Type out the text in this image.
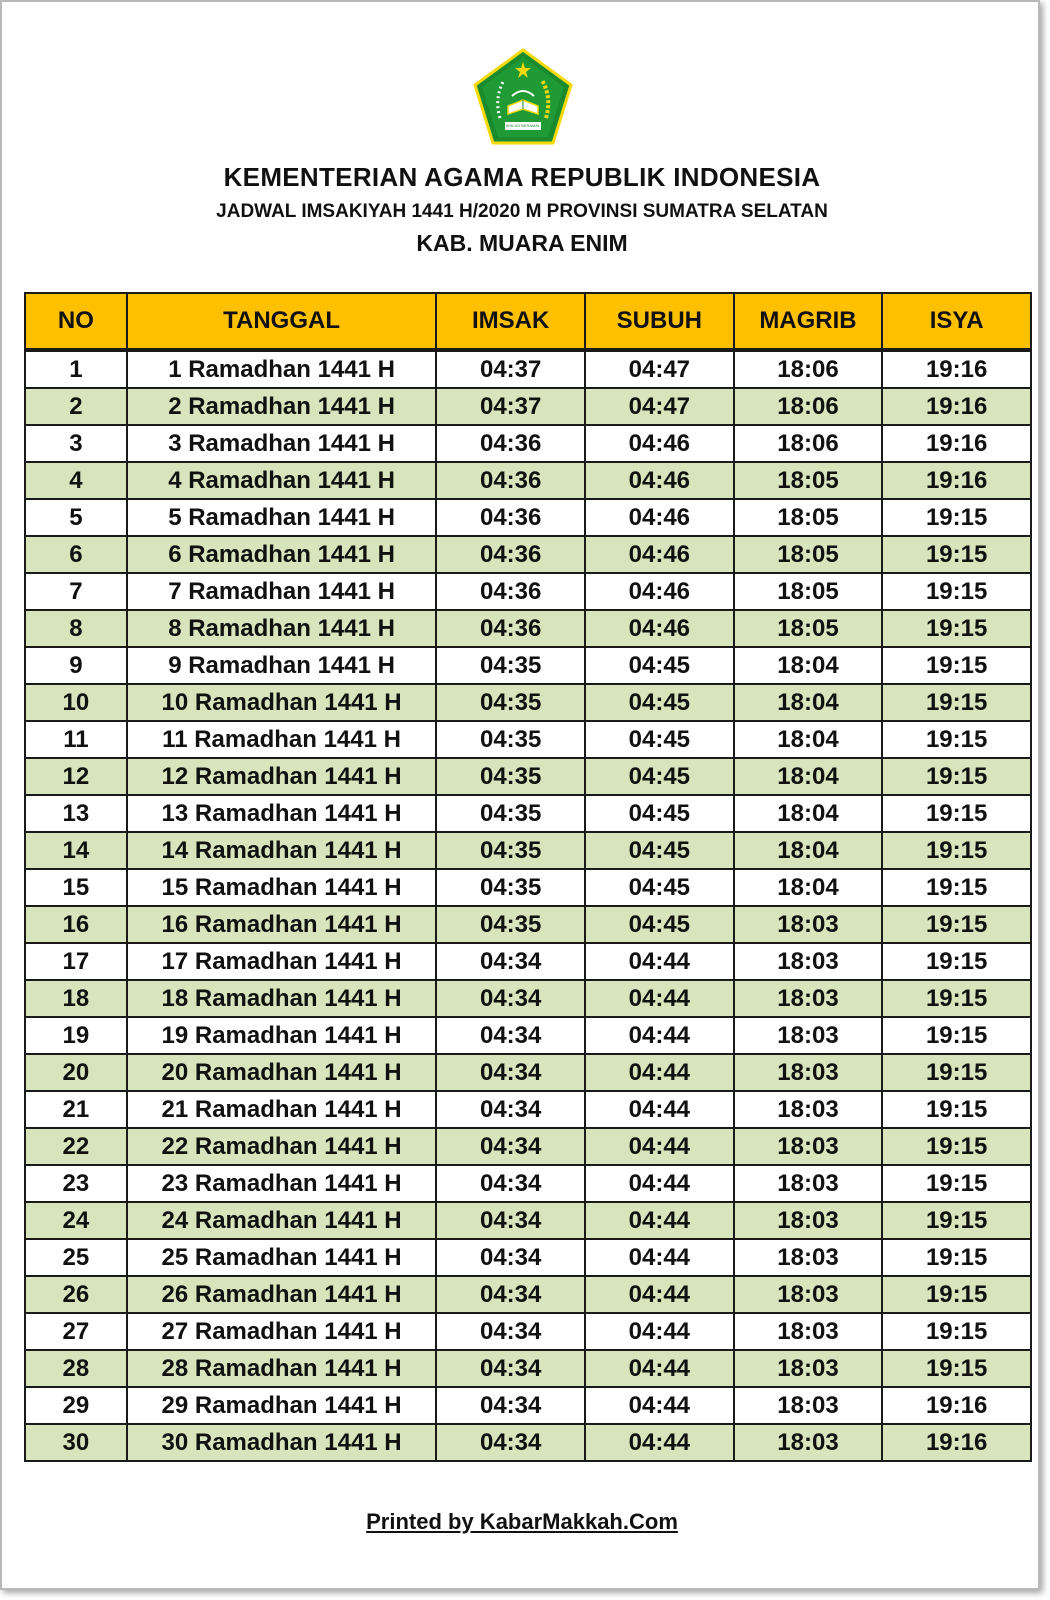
IKHLAS BERAMAL
KEMENTERIAN AGAMA REPUBLIK INDONESIA
JADWAL IMSAKIYAH 1441 H/2020 M PROVINSI SUMATRA SELATAN
KAB. MUARA ENIM
NO	TANGGAL	IMSAK	SUBUH	MAGRIB	ISYA
1	1 Ramadhan 1441 H	04:37	04:47	18:06	19:16
2	2 Ramadhan 1441 H	04:37	04:47	18:06	19:16
3	3 Ramadhan 1441 H	04:36	04:46	18:06	19:16
4	4 Ramadhan 1441 H	04:36	04:46	18:05	19:16
5	5 Ramadhan 1441 H	04:36	04:46	18:05	19:15
6	6 Ramadhan 1441 H	04:36	04:46	18:05	19:15
7	7 Ramadhan 1441 H	04:36	04:46	18:05	19:15
8	8 Ramadhan 1441 H	04:36	04:46	18:05	19:15
9	9 Ramadhan 1441 H	04:35	04:45	18:04	19:15
10	10 Ramadhan 1441 H	04:35	04:45	18:04	19:15
11	11 Ramadhan 1441 H	04:35	04:45	18:04	19:15
12	12 Ramadhan 1441 H	04:35	04:45	18:04	19:15
13	13 Ramadhan 1441 H	04:35	04:45	18:04	19:15
14	14 Ramadhan 1441 H	04:35	04:45	18:04	19:15
15	15 Ramadhan 1441 H	04:35	04:45	18:04	19:15
16	16 Ramadhan 1441 H	04:35	04:45	18:03	19:15
17	17 Ramadhan 1441 H	04:34	04:44	18:03	19:15
18	18 Ramadhan 1441 H	04:34	04:44	18:03	19:15
19	19 Ramadhan 1441 H	04:34	04:44	18:03	19:15
20	20 Ramadhan 1441 H	04:34	04:44	18:03	19:15
21	21 Ramadhan 1441 H	04:34	04:44	18:03	19:15
22	22 Ramadhan 1441 H	04:34	04:44	18:03	19:15
23	23 Ramadhan 1441 H	04:34	04:44	18:03	19:15
24	24 Ramadhan 1441 H	04:34	04:44	18:03	19:15
25	25 Ramadhan 1441 H	04:34	04:44	18:03	19:15
26	26 Ramadhan 1441 H	04:34	04:44	18:03	19:15
27	27 Ramadhan 1441 H	04:34	04:44	18:03	19:15
28	28 Ramadhan 1441 H	04:34	04:44	18:03	19:15
29	29 Ramadhan 1441 H	04:34	04:44	18:03	19:16
30	30 Ramadhan 1441 H	04:34	04:44	18:03	19:16
Printed by KabarMakkah.Com
